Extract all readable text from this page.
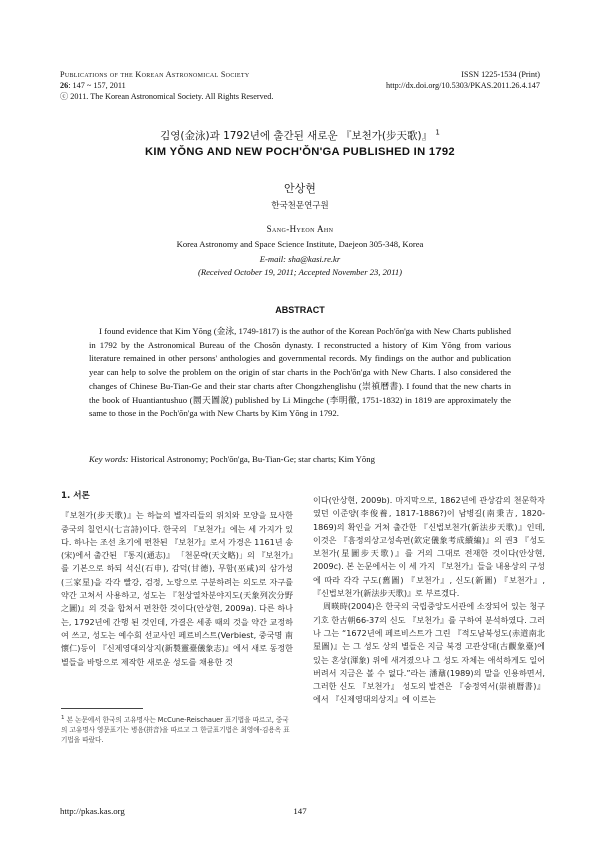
Publications of the Korean Astronomical Society	ISSN 1225-1534 (Print)
26: 147 ~ 157, 2011	http://dx.doi.org/10.5303/PKAS.2011.26.4.147
ⓒ 2011. The Korean Astronomical Society. All Rights Reserved.
김영(金泳)과 1792년에 출간된 새로운 『보천가(步天歌)』 $^1$
KIM YŎNG AND NEW POCH'ŎN'GA PUBLISHED IN 1792
안상현
한국천문연구원
Sang-Hyeon Ahn
Korea Astronomy and Space Science Institute, Daejeon 305-348, Korea
E-mail: sha@kasi.re.kr
(Received October 19, 2011; Accepted November 23, 2011)
ABSTRACT
I found evidence that Kim Yŏng (金泳, 1749-1817) is the author of the Korean Poch'ŏn'ga with New Charts published in 1792 by the Astronomical Bureau of the Chosŏn dynasty. I reconstructed a history of Kim Yŏng from various literature remained in other persons' anthologies and governmental records. My findings on the author and publication year can help to solve the problem on the origin of star charts in the Poch'ŏn'ga with New Charts. I also considered the changes of Chinese Bu-Tian-Ge and their star charts after Chongzhenglishu (崇禎曆書). I found that the new charts in the book of Huantiantushuo (圜天圖說) published by Li Mingche (李明徹, 1751-1832) in 1819 are approximately the same to those in the Poch'ŏn'ga with New Charts by Kim Yŏng in 1792.
Key words: Historical Astronomy; Poch'ŏn'ga, Bu-Tian-Ge; star charts; Kim Yŏng
1. 서론

『보천가(步天歌)』는 하늘의 별자리들의 위치와 모양을 묘사한 중국의 칠언시(七言詩)이다. 한국의 『보천가』에는 세 가지가 있다. 하나는 조선 초기에 편찬된 『보천가』로서 가경은 1161년 송(宋)에서 출간된 『통지(通志)』 「천문략(天文略)」의 『보천가』를 기본으로 하되 석신(石申), 감덕(甘德), 무함(巫咸)의 삼가성(三家星)을 각각 빨강, 검정, 노랑으로 구분하려는 의도로 자구를 약간 고쳐서 사용하고, 성도는 『천상열차분야지도(天象列次分野之圖)』의 것을 합쳐서 편찬한 것이다(안상현, 2009a). 다른 하나는, 1792년에 간행 된 것인데, 가결은 세종 때의 것을 약간 교정하여 쓰고, 성도는 예수회 선교사인 페르비스트(Verbiest, 중국명 南懷仁)등이 『신제영대의상지(新製靈臺儀象志)』에서 새로 동정한 별들을 바탕으로 제작한 새로운 성도를 채용한 것

이다(안상현, 2009b). 마지막으로, 1862년에 관상감의 천문학자였던 이준양(李俊養, 1817-1886?)이 남병길(南秉吉, 1820-1869)의 확인을 거쳐 출간한 『신법보천가(新法步天歌)』인데, 이것은 『흠정의상고성속편(欽定儀象考成續編)』의 권3 『성도보천가(星圖步天歌)』를 거의 그대로 전재한 것이다(안상현, 2009c). 본 논문에서는 이 세 가지 『보천가』들을 내용상의 구성에 따라 각각 구도(舊圖) 『보천가』, 신도(新圖) 『보천가』, 『신법보천가(新法步天歌)』로 부르겠다.

周暎時(2004)은 한국의 국립중앙도서관에 소장되어 있는 청구기호 한古朝66-37의 신도 『보천가』를 구하여 분석하였다. 그러나 그는 “1672년에 페르비스트가 그린 『적도남북성도(赤道南北星圖)』는 그 성도 상의 별들은 지금 북경 고관상대(古觀象臺)에 있는 혼상(渾象) 위에 새겨졌으나 그 성도 자체는 애석하게도 일어버려서 지금은 볼 수 없다.”라는 潘鼐(1989)의 말을 인용하면서, 그러한 신도 『보천가』 성도의 발견은 『숭정역서(崇禎曆書)』에서 『신제영대의상지』에 이르는

$^1$ 본 논문에서 한국의 고유명사는 McCune-Reischauer 표기법을 따르고, 중국의 고유명사 영문표기는 병음(拼音)을 따르고 그 한글표기법은 최영애-김용옥 표기법을 따랐다.
http://pkas.kas.org	147
